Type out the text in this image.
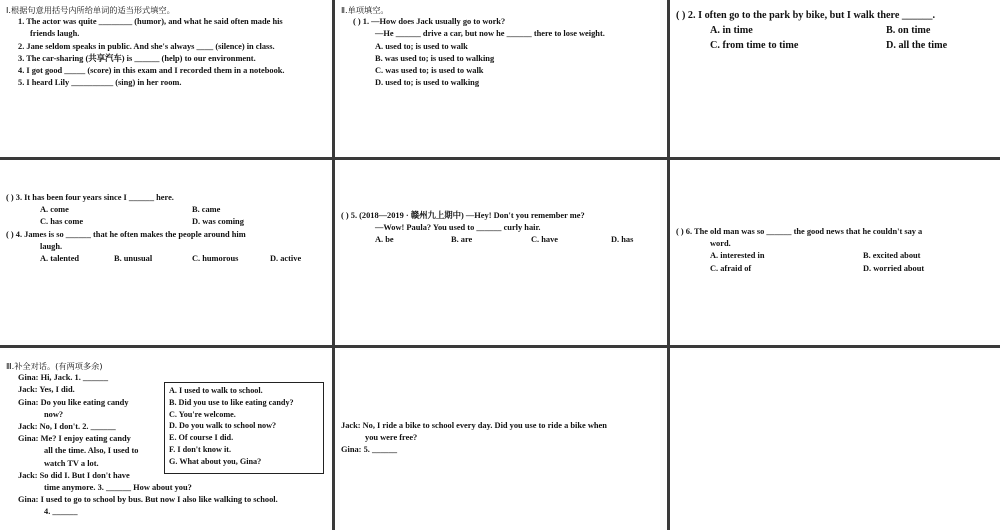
Ⅰ.根据句意用括号内所给单词的适当形式填空。
1. The actor was quite ________ (humor), and what he said often made his
friends laugh.
2. Jane seldom speaks in public. And she's always ____ (silence) in class.
3. The car-sharing (共享汽车) is ______ (help) to our environment.
4. I got good _____ (score) in this exam and I recorded them in a notebook.
5. I heard Lily __________ (sing) in her room.
Ⅱ.单项填空。
( ) 1. —How does Jack usually go to work?
—He ______ drive a car, but now he ______ there to lose weight.
A. used to; is used to walk
B. was used to; is used to walking
C. was used to; is used to walk
D. used to; is used to walking
( ) 2. I often go to the park by bike, but I walk there ______.
A. in time	B. on time
C. from time to time	D. all the time
( ) 3. It has been four years since I ______ here.
A. come	B. came
C. has come	D. was coming
( ) 4. James is so ______ that he often makes the people around him
laugh.
A. talented	B. unusual	C. humorous	D. active
( ) 5. (2018—2019 · 赣州九上期中) —Hey! Don't you remember me?
—Wow! Paula? You used to ______ curly hair.
A. be	B. are	C. have	D. has
( ) 6. The old man was so ______ the good news that he couldn't say a
word.
A. interested in	B. excited about
C. afraid of	D. worried about
Ⅲ.补全对话。(有两项多余)
Gina: Hi, Jack. 1. ______
Jack: Yes, I did.
Gina: Do you like eating candy
now?
Jack: No, I don't. 2. ______
Gina: Me? I enjoy eating candy
all the time. Also, I used to
watch TV a lot.
Jack: So did I. But I don't have
time anymore. 3. ______ How about you?
Gina: I used to go to school by bus. But now I also like walking to school.
4. ______
A. I used to walk to school.
B. Did you use to like eating candy?
C. You're welcome.
D. Do you walk to school now?
E. Of course I did.
F. I don't know it.
G. What about you, Gina?
Jack: No, I ride a bike to school every day. Did you use to ride a bike when
you were free?
Gina: 5. ______
